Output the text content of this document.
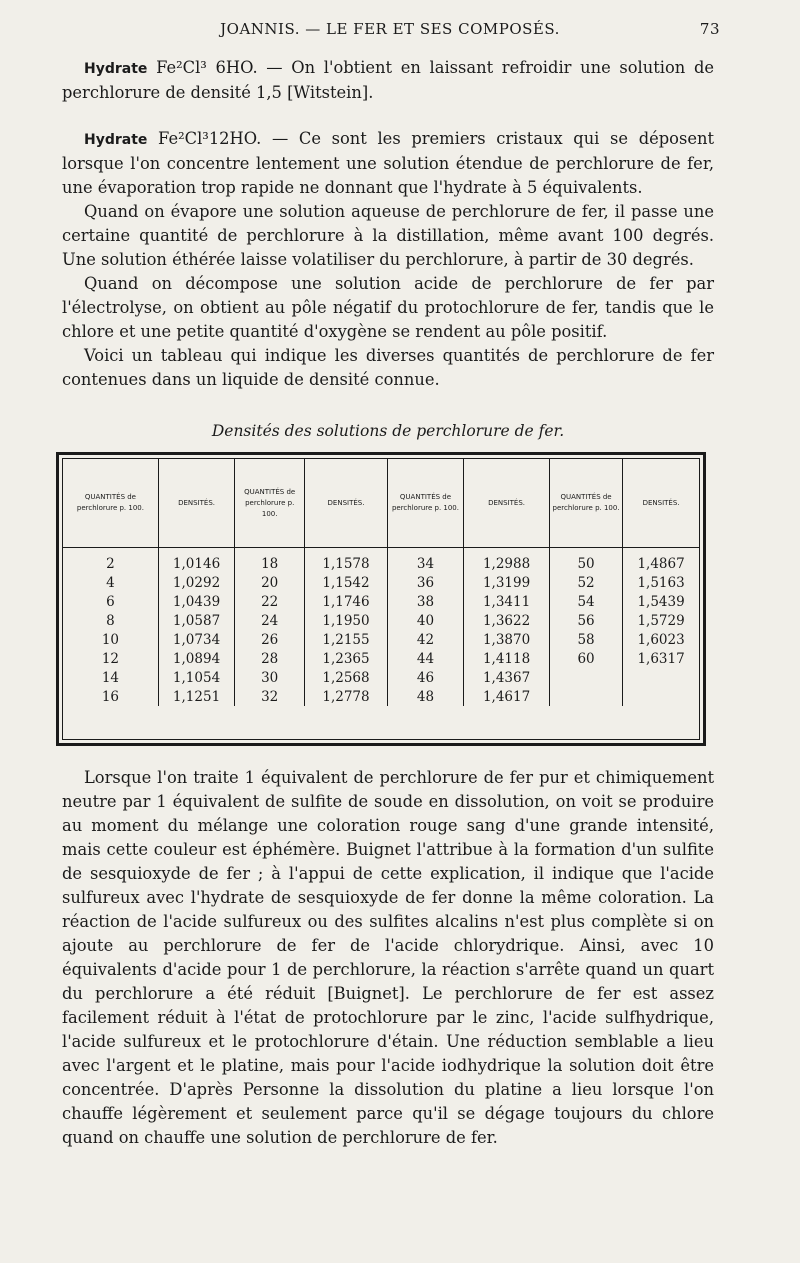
JOANNIS. — LE FER ET SES COMPOSÉS.	73

Hydrate Fe²Cl³ 6HO. — On l'obtient en laissant refroidir une solution de perchlorure de densité 1,5 [Witstein].

Hydrate Fe²Cl³12HO. — Ce sont les premiers cristaux qui se déposent lorsque l'on concentre lentement une solution étendue de perchlorure de fer, une évaporation trop rapide ne donnant que l'hydrate à 5 équivalents.

Quand on évapore une solution aqueuse de perchlorure de fer, il passe une certaine quantité de perchlorure à la distillation, même avant 100 degrés. Une solution éthérée laisse volatiliser du perchlorure, à partir de 30 degrés.

Quand on décompose une solution acide de perchlorure de fer par l'électrolyse, on obtient au pôle négatif du protochlorure de fer, tandis que le chlore et une petite quantité d'oxygène se rendent au pôle positif.

Voici un tableau qui indique les diverses quantités de perchlorure de fer contenues dans un liquide de densité connue.

Densités des solutions de perchlorure de fer.
QUANTITÉS de perchlorure p. 100.	DENSITÉS.	QUANTITÉS de perchlorure p. 100.	DENSITÉS.	QUANTITÉS de perchlorure p. 100.	DENSITÉS.	QUANTITÉS de perchlorure p. 100.	DENSITÉS.
2	1,0146	18	1,1578	34	1,2988	50	1,4867
4	1,0292	20	1,1542	36	1,3199	52	1,5163
6	1,0439	22	1,1746	38	1,3411	54	1,5439
8	1,0587	24	1,1950	40	1,3622	56	1,5729
10	1,0734	26	1,2155	42	1,3870	58	1,6023
12	1,0894	28	1,2365	44	1,4118	60	1,6317
14	1,1054	30	1,2568	46	1,4367		
16	1,1251	32	1,2778	48	1,4617		

Lorsque l'on traite 1 équivalent de perchlorure de fer pur et chimiquement neutre par 1 équivalent de sulfite de soude en dissolution, on voit se produire au moment du mélange une coloration rouge sang d'une grande intensité, mais cette couleur est éphémère. Buignet l'attribue à la formation d'un sulfite de sesquioxyde de fer ; à l'appui de cette explication, il indique que l'acide sulfureux avec l'hydrate de sesquioxyde de fer donne la même coloration. La réaction de l'acide sulfureux ou des sulfites alcalins n'est plus complète si on ajoute au perchlorure de fer de l'acide chlorydrique. Ainsi, avec 10 équivalents d'acide pour 1 de perchlorure, la réaction s'arrête quand un quart du perchlorure a été réduit [Buignet]. Le perchlorure de fer est assez facilement réduit à l'état de protochlorure par le zinc, l'acide sulfhydrique, l'acide sulfureux et le protochlorure d'étain. Une réduction semblable a lieu avec l'argent et le platine, mais pour l'acide iodhydrique la solution doit être concentrée. D'après Personne la dissolution du platine a lieu lorsque l'on chauffe légèrement et seulement parce qu'il se dégage toujours du chlore quand on chauffe une solution de perchlorure de fer.
